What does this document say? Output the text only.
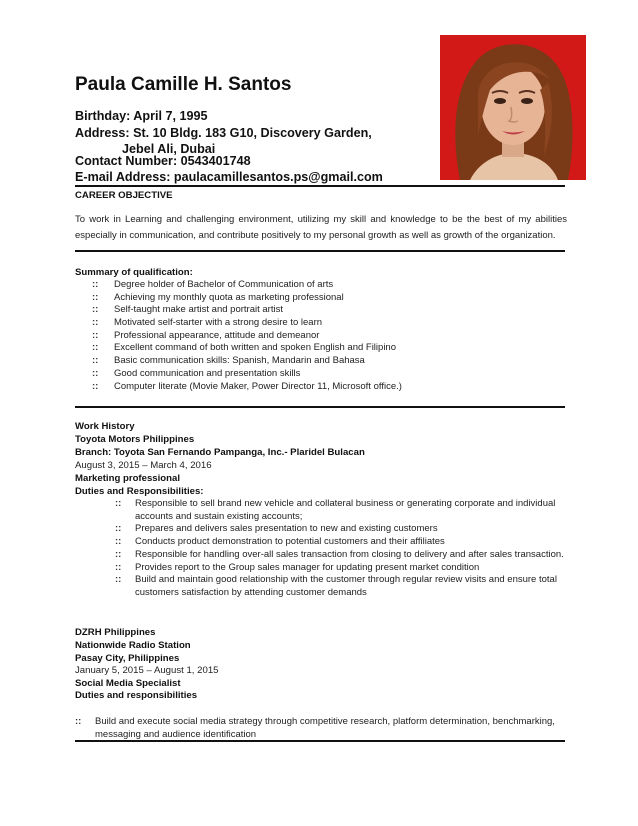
Paula Camille H. Santos
Birthday: April 7, 1995
Address: St. 10 Bldg. 183 G10, Discovery Garden,
Jebel Ali, Dubai
Contact Number: 0543401748
E-mail Address: paulacamillesantos.ps@gmail.com
CAREER OBJECTIVE
To work in Learning and challenging environment, utilizing my skill and knowledge to be the best of my abilities especially in communication, and contribute positively to my personal growth as well as growth of the organization.
Summary of qualification:
:: Degree holder of Bachelor of Communication of arts
:: Achieving my monthly quota as marketing professional
:: Self-taught make artist and portrait artist
:: Motivated self-starter with a strong desire to learn
:: Professional appearance, attitude and demeanor
:: Excellent command of both written and spoken English and Filipino
:: Basic communication skills: Spanish, Mandarin and Bahasa
:: Good communication and presentation skills
:: Computer literate (Movie Maker, Power Director 11, Microsoft office.)
Work History
Toyota Motors Philippines
Branch: Toyota San Fernando Pampanga, Inc.- Plaridel Bulacan
August 3, 2015 – March 4, 2016
Marketing professional
Duties and Responsibilities:
:: Responsible to sell brand new vehicle and collateral business or generating corporate and individual accounts and sustain existing accounts;
:: Prepares and delivers sales presentation to new and existing customers
:: Conducts product demonstration to potential customers and their affiliates
:: Responsible for handling over-all sales transaction from closing to delivery and after sales transaction.
:: Provides report to the Group sales manager for updating present market condition
:: Build and maintain good relationship with the customer through regular review visits and ensure total customers satisfaction by attending customer demands
DZRH Philippines
Nationwide Radio Station
Pasay City, Philippines
January 5, 2015 – August 1, 2015
Social Media Specialist
Duties and responsibilities
:: Build and execute social media strategy through competitive research, platform determination, benchmarking, messaging and audience identification
